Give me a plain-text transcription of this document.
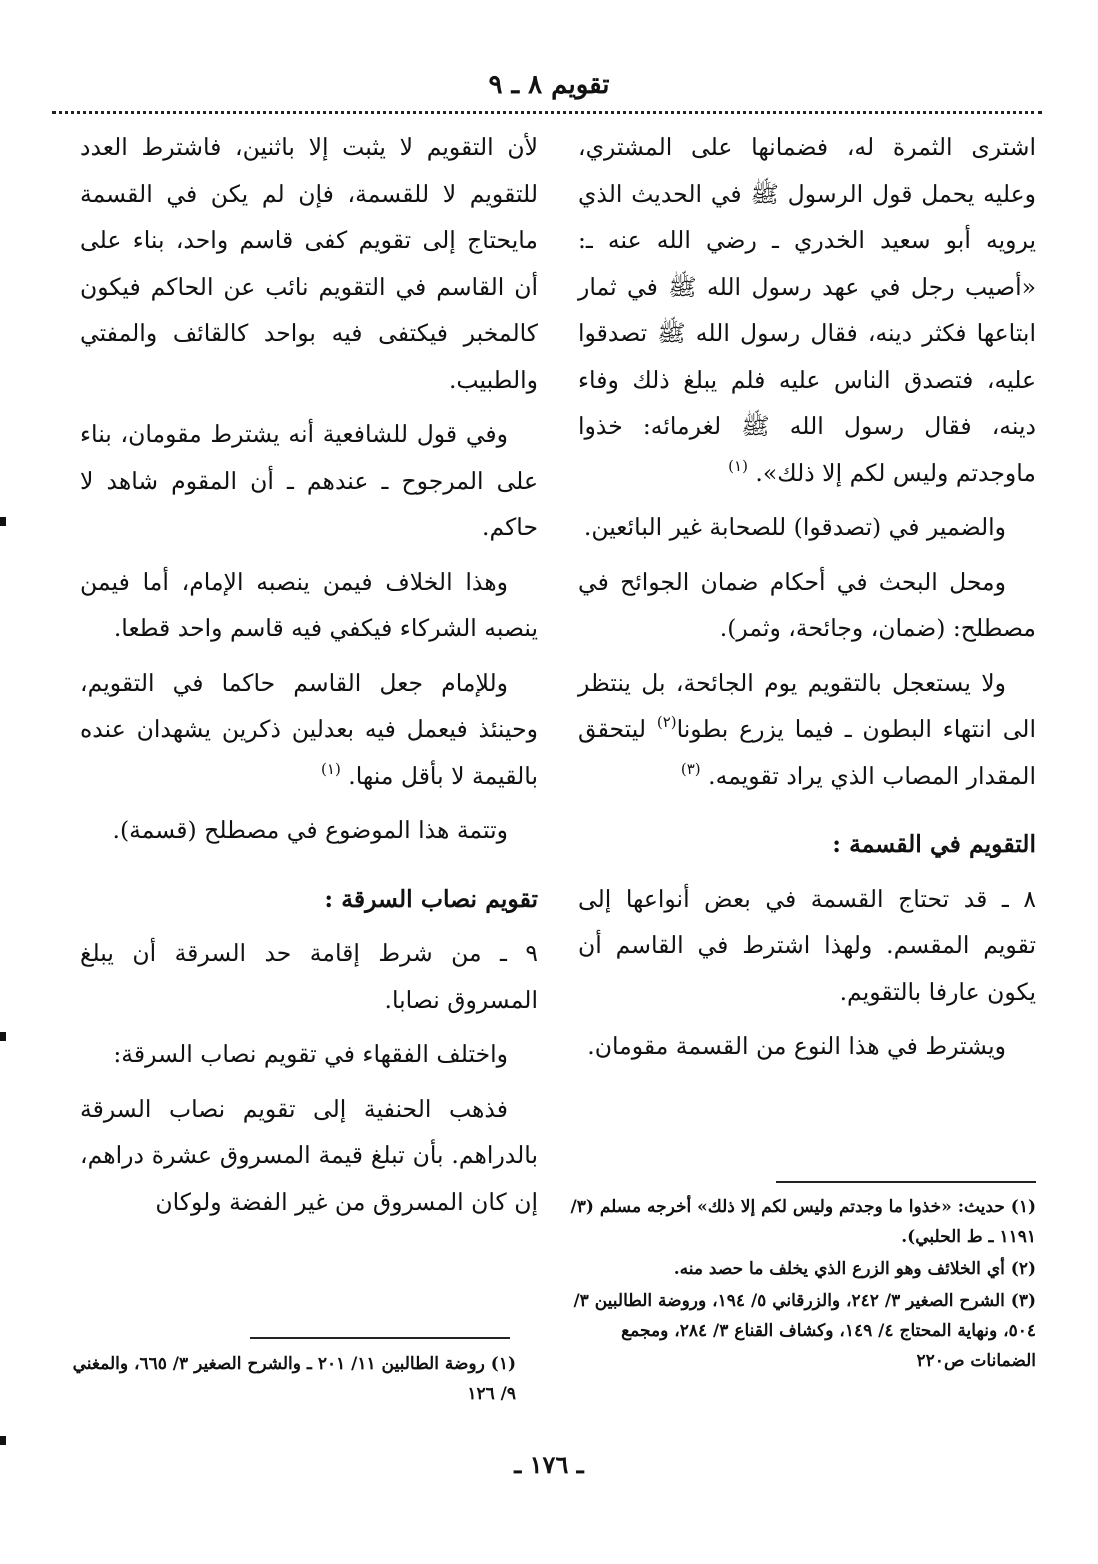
تقويم ٨ ـ ٩

اشترى الثمرة له، فضمانها على المشتري، وعليه يحمل قول الرسول ﷺ في الحديث الذي يرويه أبو سعيد الخدري ـ رضي الله عنه ـ: «أصيب رجل في عهد رسول الله ﷺ في ثمار ابتاعها فكثر دينه، فقال رسول الله ﷺ تصدقوا عليه، فتصدق الناس عليه فلم يبلغ ذلك وفاء دينه، فقال رسول الله ﷺ لغرمائه: خذوا ماوجدتم وليس لكم إلا ذلك». $^{(١)}$

والضمير في (تصدقوا) للصحابة غير البائعين.

ومحل البحث في أحكام ضمان الجوائح في مصطلح: (ضمان، وجائحة، وثمر).

ولا يستعجل بالتقويم يوم الجائحة، بل ينتظر الى انتهاء البطون ـ فيما يزرع بطونا$^{(٢)}$ ليتحقق المقدار المصاب الذي يراد تقويمه. $^{(٣)}$

التقويم في القسمة :

٨ ـ قد تحتاج القسمة في بعض أنواعها إلى تقويم المقسم. ولهذا اشترط في القاسم أن يكون عارفا بالتقويم.

ويشترط في هذا النوع من القسمة مقومان.

(١) حديث: «خذوا ما وجدتم وليس لكم إلا ذلك» أخرجه مسلم (٣/ ١١٩١ ـ ط الحلبي).

(٢) أي الخلائف وهو الزرع الذي يخلف ما حصد منه.

(٣) الشرح الصغير ٣/ ٢٤٢، والزرقاني ٥/ ١٩٤، وروضة الطالبين ٣/ ٥٠٤، ونهاية المحتاج ٤/ ١٤٩، وكشاف القناع ٣/ ٢٨٤، ومجمع الضمانات ص٢٢٠

لأن التقويم لا يثبت إلا باثنين، فاشترط العدد للتقويم لا للقسمة، فإن لم يكن في القسمة مايحتاج إلى تقويم كفى قاسم واحد، بناء على أن القاسم في التقويم نائب عن الحاكم فيكون كالمخبر فيكتفى فيه بواحد كالقائف والمفتي والطبيب.

وفي قول للشافعية أنه يشترط مقومان، بناء على المرجوح ـ عندهم ـ أن المقوم شاهد لا حاكم.

وهذا الخلاف فيمن ينصبه الإمام، أما فيمن ينصبه الشركاء فيكفي فيه قاسم واحد قطعا.

وللإمام جعل القاسم حاكما في التقويم، وحينئذ فيعمل فيه بعدلين ذكرين يشهدان عنده بالقيمة لا بأقل منها. $^{(١)}$

وتتمة هذا الموضوع في مصطلح (قسمة).

تقويم نصاب السرقة :

٩ ـ من شرط إقامة حد السرقة أن يبلغ المسروق نصابا.

واختلف الفقهاء في تقويم نصاب السرقة:

فذهب الحنفية إلى تقويم نصاب السرقة بالدراهم. بأن تبلغ قيمة المسروق عشرة دراهم، إن كان المسروق من غير الفضة ولوكان

(١) روضة الطالبين ١١/ ٢٠١ ـ والشرح الصغير ٣/ ٦٦٥، والمغني ٩/ ١٢٦

ـ ١٧٦ ـ
